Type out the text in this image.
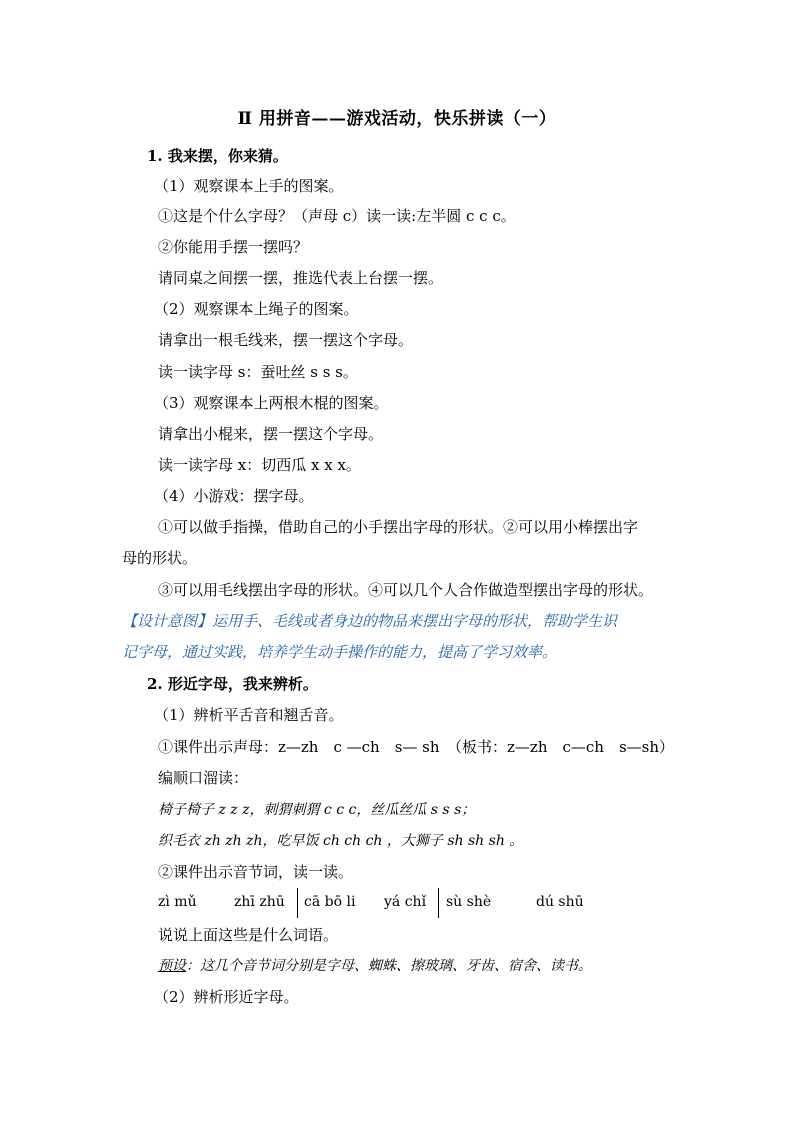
Ⅱ 用拼音——游戏活动，快乐拼读（一）
1. 我来摆，你来猜。
（1）观察课本上手的图案。
①这是个什么字母？（声母 c）读一读:左半圆 c c c。
②你能用手摆一摆吗？
请同桌之间摆一摆，推选代表上台摆一摆。
（2）观察课本上绳子的图案。
请拿出一根毛线来，摆一摆这个字母。
读一读字母 s：蚕吐丝 s s s。
（3）观察课本上两根木棍的图案。
请拿出小棍来，摆一摆这个字母。
读一读字母 x：切西瓜 x x x。
（4）小游戏：摆字母。
①可以做手指操，借助自己的小手摆出字母的形状。②可以用小棒摆出字
母的形状。
③可以用毛线摆出字母的形状。④可以几个人合作做造型摆出字母的形状。
【设计意图】运用手、毛线或者身边的物品来摆出字母的形状，帮助学生识
记字母，通过实践，培养学生动手操作的能力，提高了学习效率。
2. 形近字母，我来辨析。
（1）辨析平舌音和翘舌音。
①课件出示声母：z—zh　c —ch　s— sh　（板书：z—zh　c—ch　s—sh）
编顺口溜读：
椅子椅子 z z z，刺猬刺猬 c c c，丝瓜丝瓜 s s s；
织毛衣 zh zh zh，吃早饭 ch ch ch ，大狮子 sh sh sh 。
②课件出示音节词，读一读。
zì mǔ	zhī zhū cā bō li yá chǐ sù shè	dú shū
说说上面这些是什么词语。
预设：这几个音节词分别是字母、蜘蛛、擦玻璃、牙齿、宿舍、读书。
（2）辨析形近字母。
